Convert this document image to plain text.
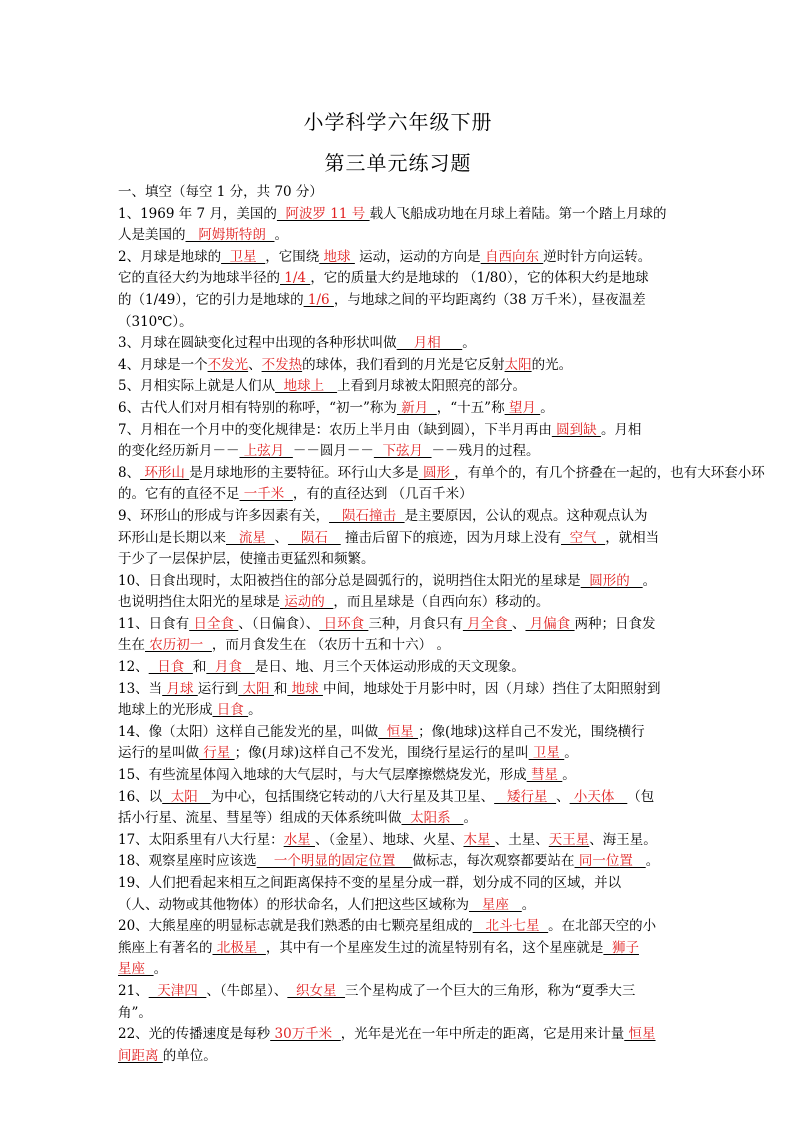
小学科学六年级下册
第三单元练习题
一、填空（每空 1 分，共 70 分）
1、1969 年 7 月，美国的  阿波罗 11 号 载人飞船成功地在月球上着陆。第一个踏上月球的
人是美国的   阿姆斯特朗  。
2、月球是地球的  卫星  ，它围绕 地球  运动，运动的方向是 自西向东 逆时针方向运转。
它的直径大约为地球半径的 1/4 ，它的质量大约是地球的 （1/80），它的体积大约是地球
的（1/49），它的引力是地球的 1/6 ，与地球之间的平均距离约（38 万千米），昼夜温差
（310℃）。
3、月球在圆缺变化过程中出现的各种形状叫做    月相     。
4、月球是一个不发光、不发热的球体，我们看到的月光是它反射太阳的光。
5、月相实际上就是人们从  地球上   上看到月球被太阳照亮的部分。
6、古代人们对月相有特别的称呼，“初一”称为 新月  ，“十五”称 望月 。
7、月相在一个月中的变化规律是：农历上半月由（缺到圆），下半月再由 圆到缺 。月相
的变化经历新月－－ 上弦月  －－圆月－－  下弦月  －－残月的过程。
8、 环形山 是月球地形的主要特征。环行山大多是 圆形 ，有单个的，有几个挤叠在一起的，也有大环套小环
的。它有的直径不足 一千米  ，有的直径达到 （几百千米）
9、环形山的形成与许多因素有关，   陨石撞击  是主要原因，公认的观点。这种观点认为
环形山是长期以来   流星  、   陨石    撞击后留下的痕迹，因为月球上没有  空气  ，就相当
于少了一层保护层，使撞击更猛烈和频繁。
10、日食出现时，太阳被挡住的部分总是圆弧行的，说明挡住太阳光的星球是  圆形的   。
也说明挡住太阳光的星球是 运动的  ，而且星球是（自西向东）移动的。
11、日食有 日全食 、（日偏食）、 日环食 三种，月食只有 月全食 、 月偏食 两种；日食发
生在 农历初一  ，而月食发生在 （农历十五和十六） 。
12、  日食  和  月食   是日、地、月三个天体运动形成的天文现象。
13、当 月球 运行到 太阳 和 地球 中间，地球处于月影中时，因（月球）挡住了太阳照射到
地球上的光形成 日食 。
14、像（太阳）这样自己能发光的星，叫做  恒星 ；像(地球)这样自己不发光，围绕横行
运行的星叫做 行星 ；像(月球)这样自己不发光，围绕行星运行的星叫 卫星 。
15、有些流星体闯入地球的大气层时，与大气层摩擦燃烧发光，形成 彗星 。
16、以  太阳   为中心，包括围绕它转动的八大行星及其卫星、   矮行星  、 小天体   （包
括小行星、流星、彗星等）组成的天体系统叫做  太阳系   。
17、太阳系里有八大行星：水星 、（金星）、地球、火星、木星 、土星、天王星、海王星。
18、观察星座时应该选    一个明显的固定位置    做标志，每次观察都要站在 同一位置   。
19、人们把看起来相互之间距离保持不变的星星分成一群，划分成不同的区域，并以
（人、动物或其他物体）的形状命名，人们把这些区域称为   星座   。
20、大熊星座的明显标志就是我们熟悉的由七颗亮星组成的   北斗七星  。在北部天空的小
熊座上有著名的 北极星  ，其中有一个星座发生过的流星特别有名，这个星座就是  狮子
星座  。
21、  天津四  、（牛郎星）、  织女星  三个星构成了一个巨大的三角形，称为“夏季大三
角”。
22、光的传播速度是每秒 30万千米  ，光年是光在一年中所走的距离，它是用来计量 恒星
间距离 的单位。
